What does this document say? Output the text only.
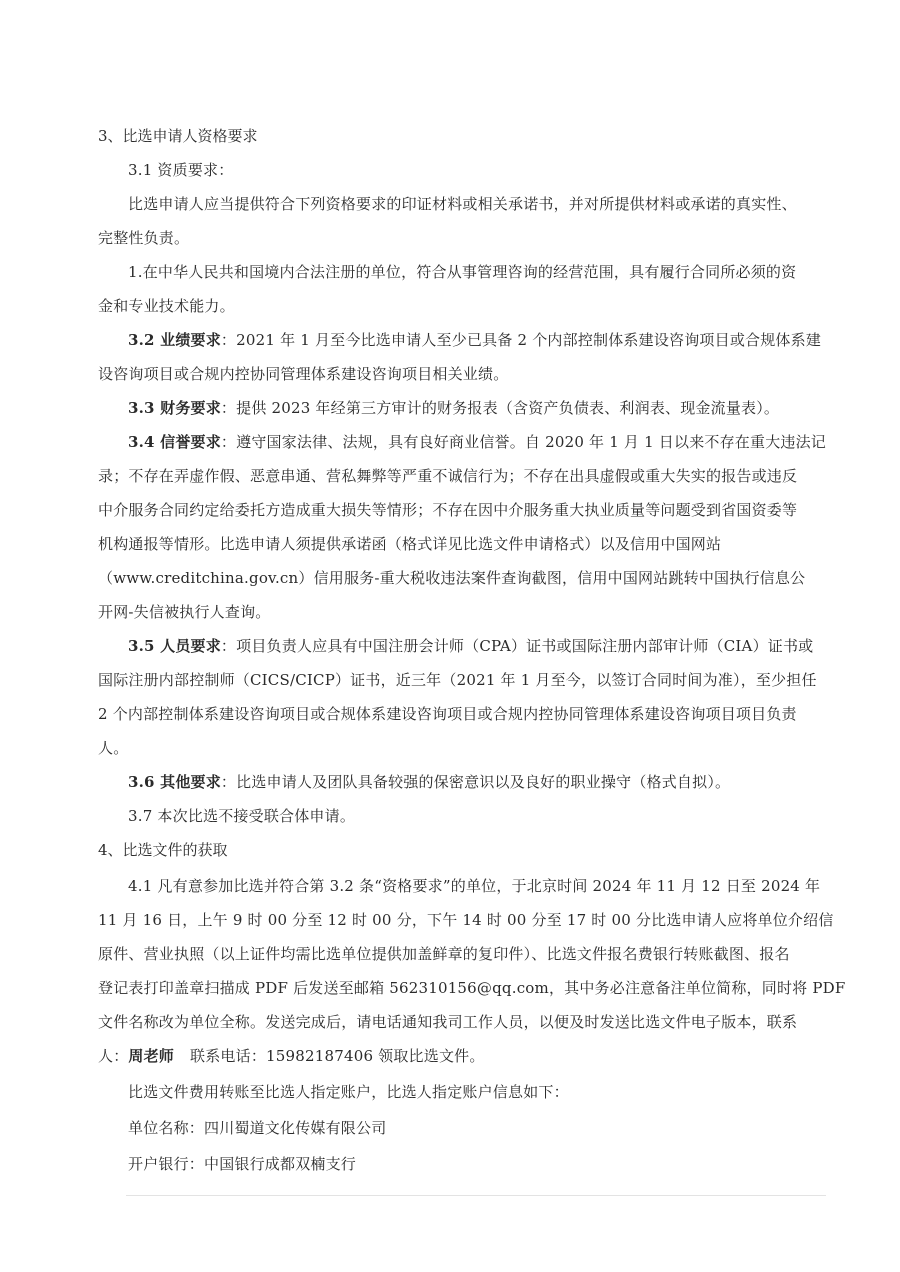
3、比选申请人资格要求
3.1 资质要求：
比选申请人应当提供符合下列资格要求的印证材料或相关承诺书，并对所提供材料或承诺的真实性、
完整性负责。
1.在中华人民共和国境内合法注册的单位，符合从事管理咨询的经营范围，具有履行合同所必须的资
金和专业技术能力。
3.2 业绩要求：2021 年 1 月至今比选申请人至少已具备 2 个内部控制体系建设咨询项目或合规体系建
设咨询项目或合规内控协同管理体系建设咨询项目相关业绩。
3.3 财务要求：提供 2023 年经第三方审计的财务报表（含资产负债表、利润表、现金流量表）。
3.4 信誉要求：遵守国家法律、法规，具有良好商业信誉。自 2020 年 1 月 1 日以来不存在重大违法记
录；不存在弄虚作假、恶意串通、营私舞弊等严重不诚信行为；不存在出具虚假或重大失实的报告或违反
中介服务合同约定给委托方造成重大损失等情形；不存在因中介服务重大执业质量等问题受到省国资委等
机构通报等情形。比选申请人须提供承诺函（格式详见比选文件申请格式）以及信用中国网站
（www.creditchina.gov.cn）信用服务-重大税收违法案件查询截图，信用中国网站跳转中国执行信息公
开网-失信被执行人查询。
3.5 人员要求：项目负责人应具有中国注册会计师（CPA）证书或国际注册内部审计师（CIA）证书或
国际注册内部控制师（CICS/CICP）证书，近三年（2021 年 1 月至今，以签订合同时间为准），至少担任
2 个内部控制体系建设咨询项目或合规体系建设咨询项目或合规内控协同管理体系建设咨询项目项目负责
人。
3.6 其他要求：比选申请人及团队具备较强的保密意识以及良好的职业操守（格式自拟）。
3.7 本次比选不接受联合体申请。
4、比选文件的获取
4.1 凡有意参加比选并符合第 3.2 条“资格要求”的单位，于北京时间 2024 年 11 月 12 日至 2024 年
11 月 16 日，上午 9 时 00 分至 12 时 00 分，下午 14 时 00 分至 17 时 00 分比选申请人应将单位介绍信
原件、营业执照（以上证件均需比选单位提供加盖鲜章的复印件）、比选文件报名费银行转账截图、报名
登记表打印盖章扫描成 PDF 后发送至邮箱 562310156@qq.com，其中务必注意备注单位简称，同时将 PDF
文件名称改为单位全称。发送完成后，请电话通知我司工作人员，以便及时发送比选文件电子版本，联系
人：周老师 联系电话：15982187406 领取比选文件。
比选文件费用转账至比选人指定账户，比选人指定账户信息如下：
单位名称：四川蜀道文化传媒有限公司
开户银行：中国银行成都双楠支行
